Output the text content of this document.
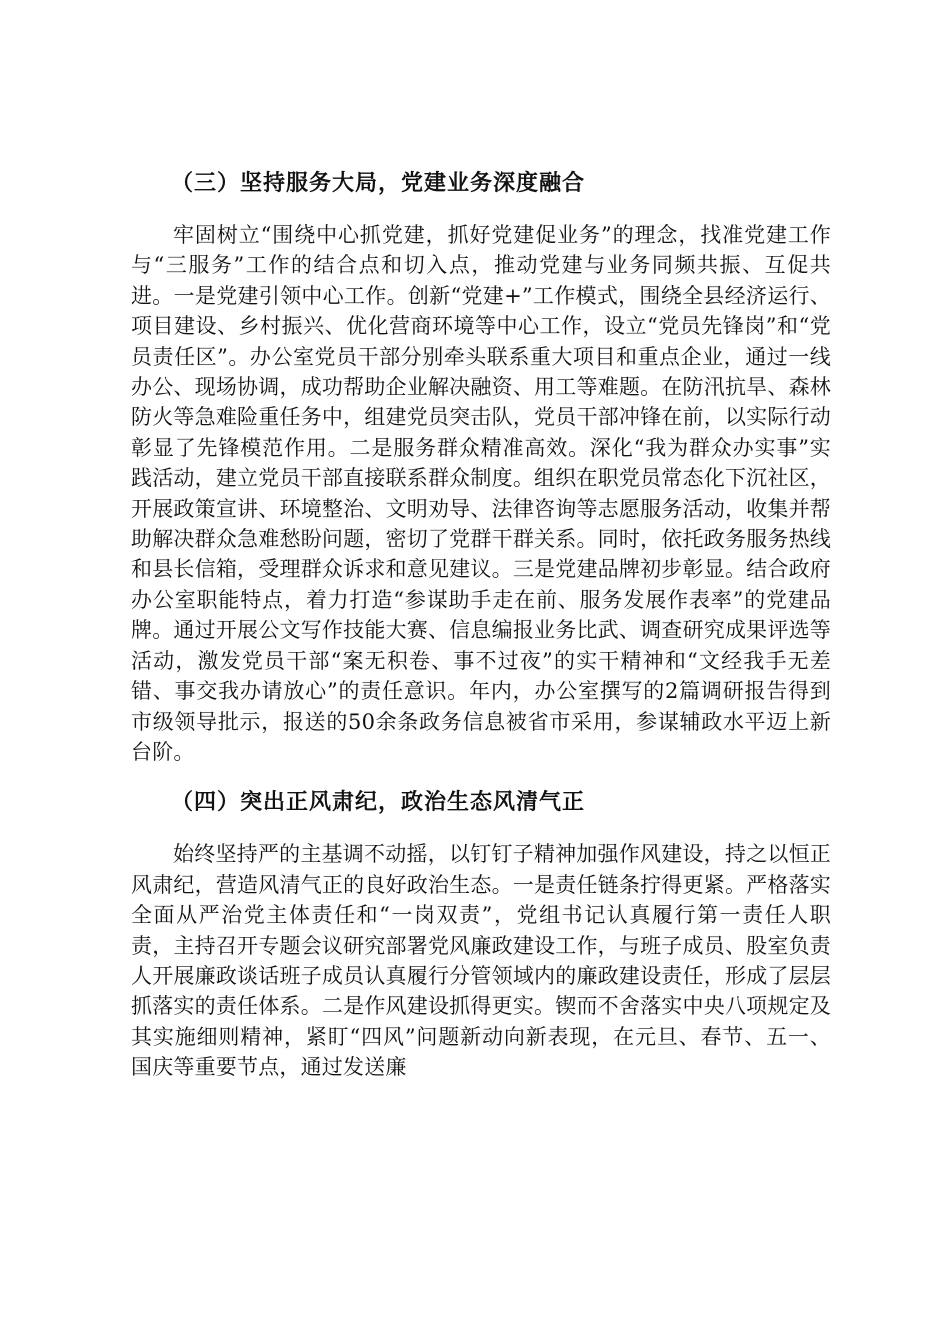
（三）坚持服务大局，党建业务深度融合

牢固树立“围绕中心抓党建，抓好党建促业务”的理念，找准党建工作与“三服务”工作的结合点和切入点，推动党建与业务同频共振、互促共进。一是党建引领中心工作。创新“党建+”工作模式，围绕全县经济运行、项目建设、乡村振兴、优化营商环境等中心工作，设立“党员先锋岗”和“党员责任区”。办公室党员干部分别牵头联系重大项目和重点企业，通过一线办公、现场协调，成功帮助企业解决融资、用工等难题。在防汛抗旱、森林防火等急难险重任务中，组建党员突击队，党员干部冲锋在前，以实际行动彰显了先锋模范作用。二是服务群众精准高效。深化“我为群众办实事”实践活动，建立党员干部直接联系群众制度。组织在职党员常态化下沉社区，开展政策宣讲、环境整治、文明劝导、法律咨询等志愿服务活动，收集并帮助解决群众急难愁盼问题，密切了党群干群关系。同时，依托政务服务热线和县长信箱，受理群众诉求和意见建议。三是党建品牌初步彰显。结合政府办公室职能特点，着力打造“参谋助手走在前、服务发展作表率”的党建品牌。通过开展公文写作技能大赛、信息编报业务比武、调查研究成果评选等活动，激发党员干部“案无积卷、事不过夜”的实干精神和“文经我手无差错、事交我办请放心”的责任意识。年内，办公室撰写的2篇调研报告得到市级领导批示，报送的50余条政务信息被省市采用，参谋辅政水平迈上新台阶。

（四）突出正风肃纪，政治生态风清气正

始终坚持严的主基调不动摇，以钉钉子精神加强作风建设，持之以恒正风肃纪，营造风清气正的良好政治生态。一是责任链条拧得更紧。严格落实全面从严治党主体责任和“一岗双责”，党组书记认真履行第一责任人职责，主持召开专题会议研究部署党风廉政建设工作，与班子成员、股室负责人开展廉政谈话班子成员认真履行分管领域内的廉政建设责任，形成了层层抓落实的责任体系。二是作风建设抓得更实。锲而不舍落实中央八项规定及其实施细则精神，紧盯“四风”问题新动向新表现，在元旦、春节、五一、国庆等重要节点，通过发送廉
